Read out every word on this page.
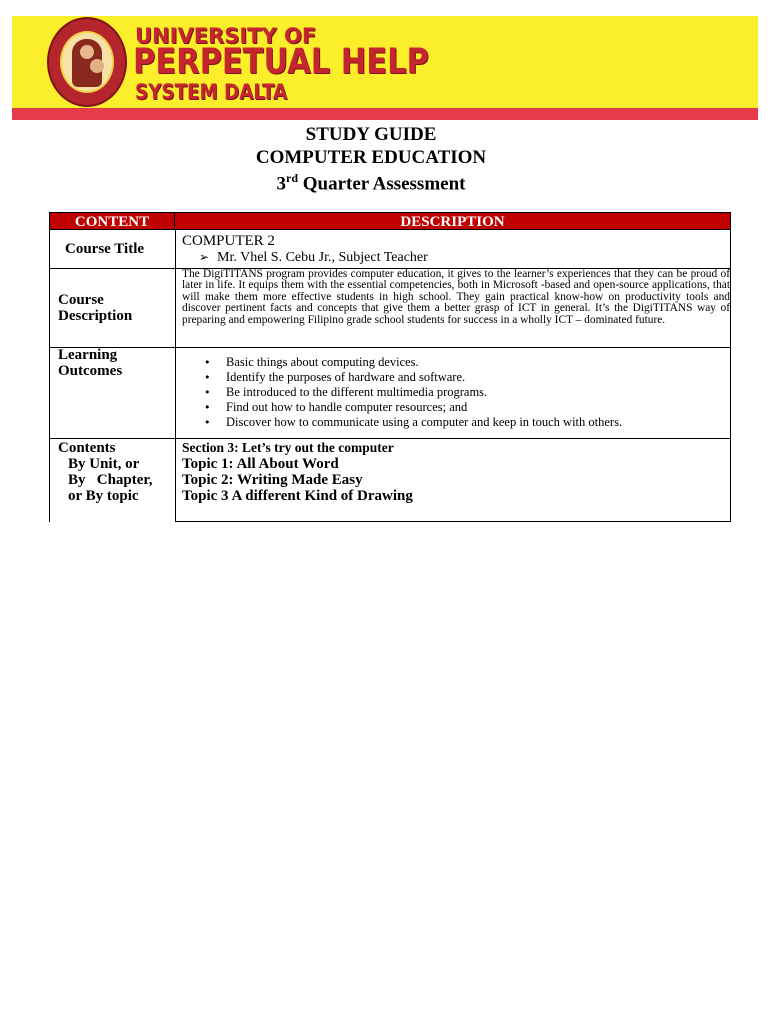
UNIVERSITY OF
PERPETUAL HELP
SYSTEM DALTA
STUDY GUIDE
COMPUTER EDUCATION
3rd Quarter Assessment
CONTENT	DESCRIPTION
Course Title	COMPUTER 2
➢ Mr. Vhel S. Cebu Jr., Subject Teacher
Course
Description
The DigiTITANS program provides computer education, it gives to the learner’s experiences that they can be proud of later in life. It equips them with the essential competencies, both in Microsoft -based and open-source applications, that will make them more effective students in high school. They gain practical know-how on productivity tools and discover pertinent facts and concepts that give them a better grasp of ICT in general. It’s the DigiTITANS way of preparing and empowering Filipino grade school students for success in a wholly ICT – dominated future.
Learning
Outcomes
• Basic things about computing devices.
• Identify the purposes of hardware and software.
• Be introduced to the different multimedia programs.
• Find out how to handle computer resources; and
• Discover how to communicate using a computer and keep in touch with others.
Contents
By Unit, or
By   Chapter,
or By topic
Section 3: Let’s try out the computer
Topic 1: All About Word
Topic 2: Writing Made Easy
Topic 3 A different Kind of Drawing
